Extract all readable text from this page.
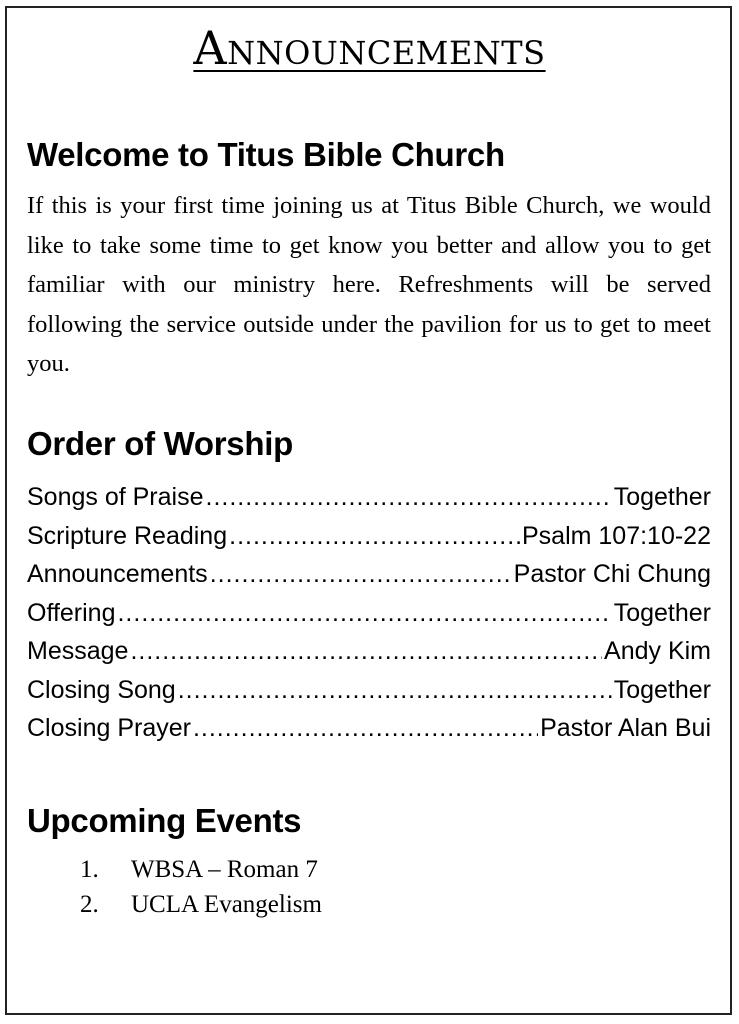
Announcements
Welcome to Titus Bible Church
If this is your first time joining us at Titus Bible Church, we would like to take some time to get know you better and allow you to get familiar with our ministry here. Refreshments will be served following the service outside under the pavilion for us to get to meet you.
Order of Worship
Songs of Praise .....	Together
Scripture Reading .....	Psalm 107:10-22
Announcements .....	Pastor Chi Chung
Offering .....	Together
Message .....	Andy Kim
Closing Song .....	Together
Closing Prayer .....	Pastor Alan Bui
Upcoming Events
1.	WBSA – Roman 7
2.	UCLA Evangelism
